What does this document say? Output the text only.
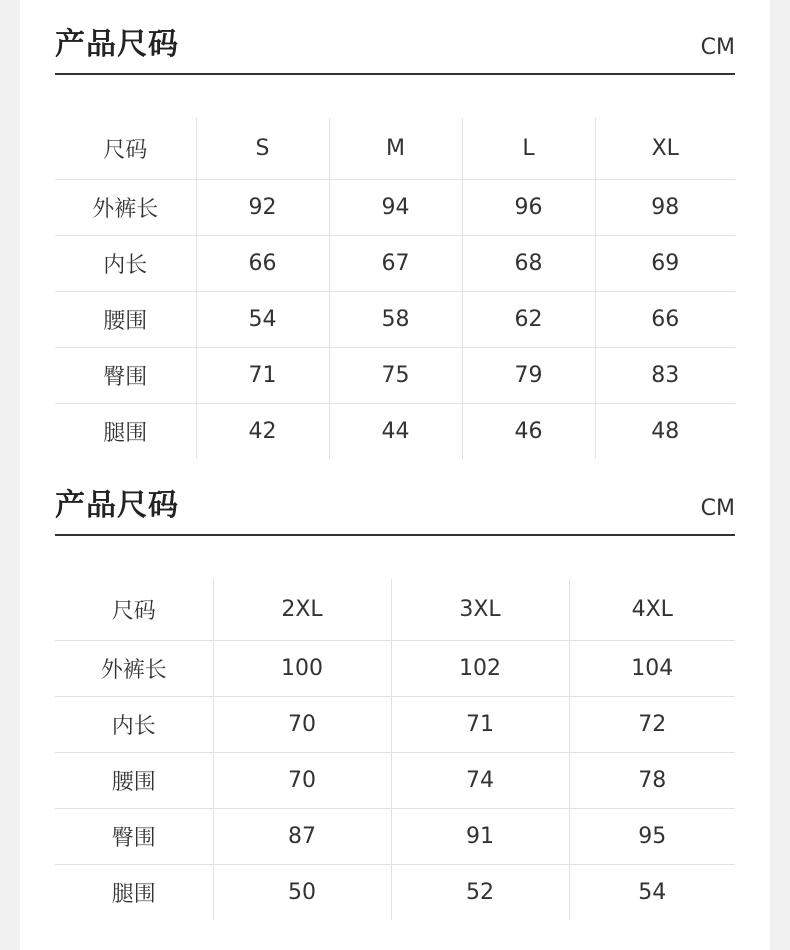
产品尺码	CM
尺码	S	M	L	XL
外裤长	92	94	96	98
内长	66	67	68	69
腰围	54	58	62	66
臀围	71	75	79	83
腿围	42	44	46	48
产品尺码	CM
尺码	2XL	3XL	4XL
外裤长	100	102	104
内长	70	71	72
腰围	70	74	78
臀围	87	91	95
腿围	50	52	54
